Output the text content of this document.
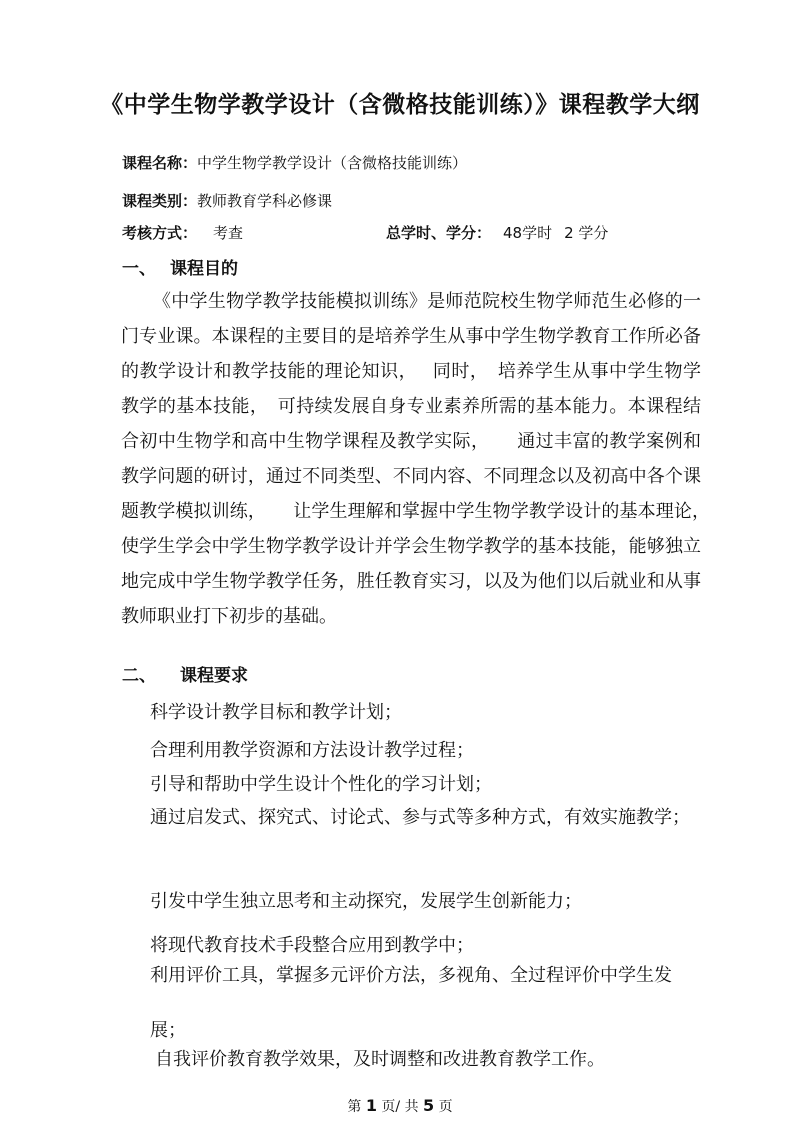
《中学生物学教学设计（含微格技能训练）》课程教学大纲
课程名称：中学生物学教学设计（含微格技能训练）
课程类别：教师教育学科必修课
考核方式： 考查	总学时、学分： 48学时 2 学分
一、 课程目的
《中学生物学教学技能模拟训练》是师范院校生物学师范生必修的一门专业课。本课程的主要目的是培养学生从事中学生物学教育工作所必备的教学设计和教学技能的理论知识，　 同时，　培养学生从事中学生物学教学的基本技能，　可持续发展自身专业素养所需的基本能力。本课程结合初中生物学和高中生物学课程及教学实际，　　通过丰富的教学案例和教学问题的研讨，通过不同类型、不同内容、不同理念以及初高中各个课题教学模拟训练，　　让学生理解和掌握中学生物学教学设计的基本理论，　　使学生学会中学生物学教学设计并学会生物学教学的基本技能，能够独立地完成中学生物学教学任务，胜任教育实习，以及为他们以后就业和从事教师职业打下初步的基础。
二、 课程要求
科学设计教学目标和教学计划；
合理利用教学资源和方法设计教学过程；
引导和帮助中学生设计个性化的学习计划；
通过启发式、探究式、讨论式、参与式等多种方式，有效实施教学；
引发中学生独立思考和主动探究，发展学生创新能力；
将现代教育技术手段整合应用到教学中；
利用评价工具，掌握多元评价方法，多视角、全过程评价中学生发展；
自我评价教育教学效果，及时调整和改进教育教学工作。
第 1 页/ 共 5 页
